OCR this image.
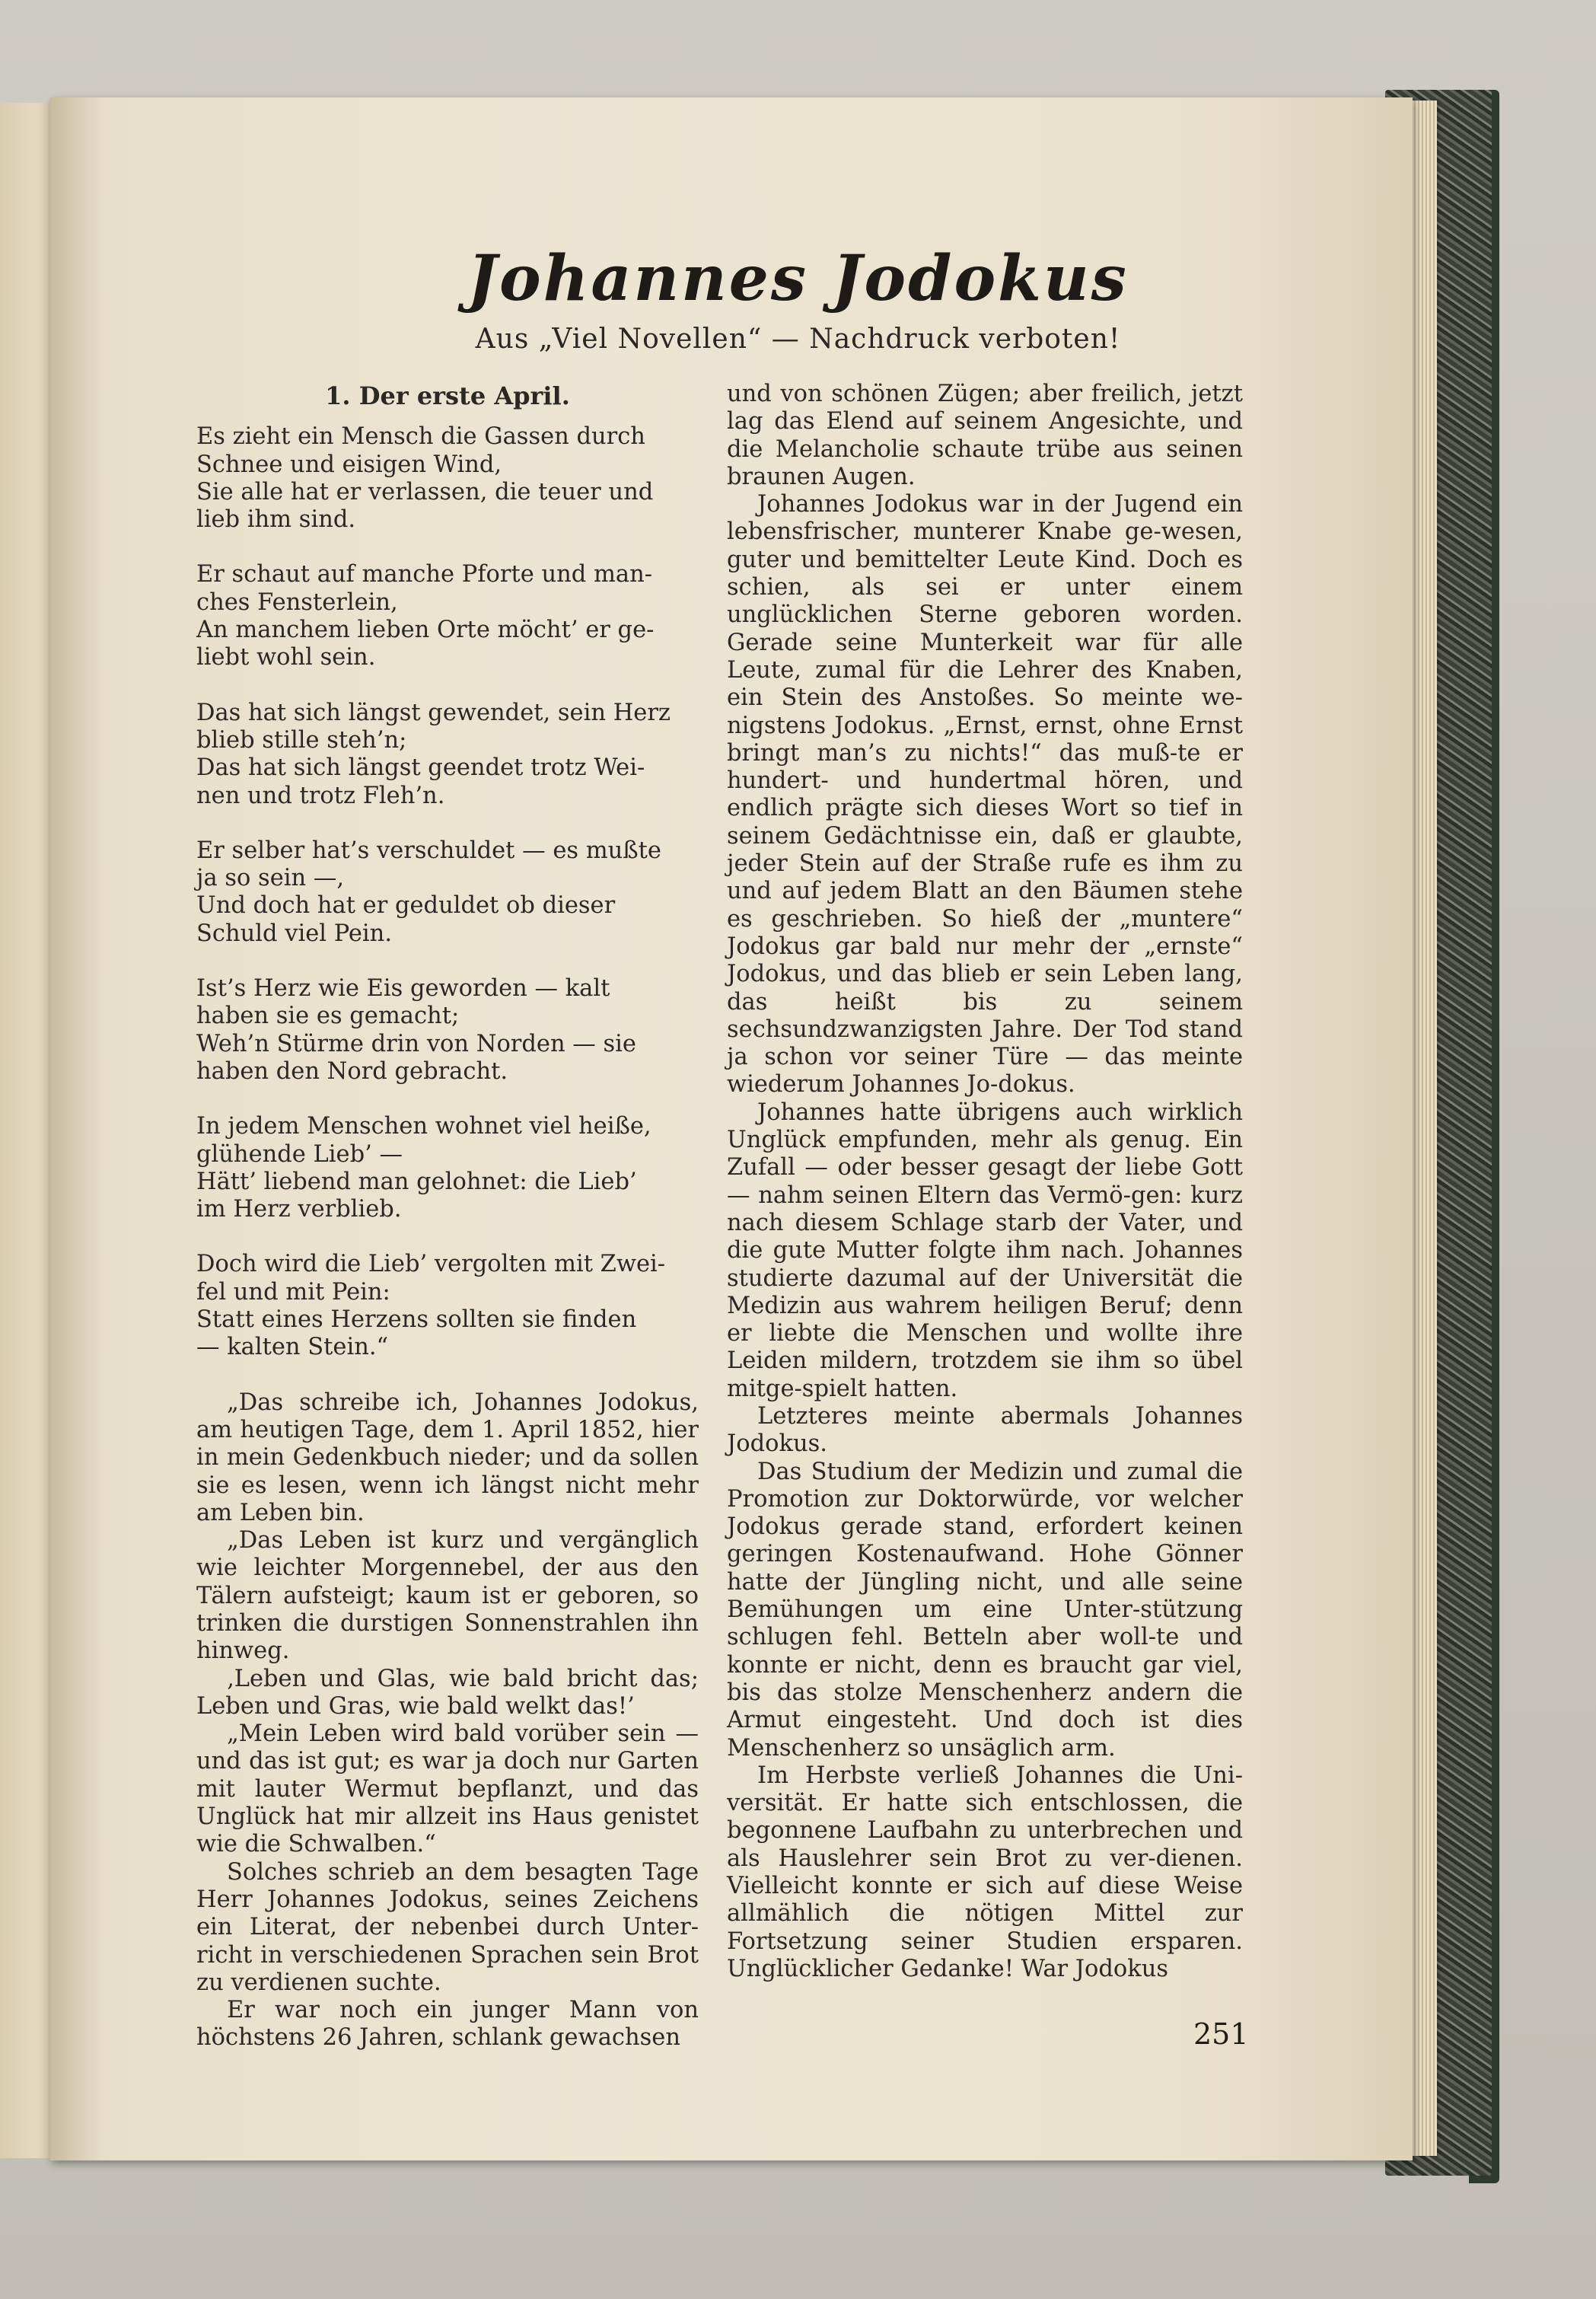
Johannes Jodokus
Aus „Viel Novellen“ — Nachdruck verboten!
1. Der erste April.
Es zieht ein Mensch die Gassen durch
Schnee und eisigen Wind,
Sie alle hat er verlassen, die teuer und
lieb ihm sind.
Er schaut auf manche Pforte und man-
ches Fensterlein,
An manchem lieben Orte möcht’ er ge-
liebt wohl sein.
Das hat sich längst gewendet, sein Herz
blieb stille steh’n;
Das hat sich längst geendet trotz Wei-
nen und trotz Fleh’n.
Er selber hat’s verschuldet — es mußte
ja so sein —,
Und doch hat er geduldet ob dieser
Schuld viel Pein.
Ist’s Herz wie Eis geworden — kalt
haben sie es gemacht;
Weh’n Stürme drin von Norden — sie
haben den Nord gebracht.
In jedem Menschen wohnet viel heiße,
glühende Lieb’ —
Hätt’ liebend man gelohnet: die Lieb’
im Herz verblieb.
Doch wird die Lieb’ vergolten mit Zwei-
fel und mit Pein:
Statt eines Herzens sollten sie finden
— kalten Stein.“

„Das schreibe ich, Johannes Jodokus, am heutigen Tage, dem 1. April 1852, hier in mein Gedenkbuch nieder; und da sollen sie es lesen, wenn ich längst nicht mehr am Leben bin.

„Das Leben ist kurz und vergänglich wie leichter Morgennebel, der aus den Tälern aufsteigt; kaum ist er geboren, so trinken die durstigen Sonnenstrahlen ihn hinweg.

‚Leben und Glas, wie bald bricht das; Leben und Gras, wie bald welkt das!’

„Mein Leben wird bald vorüber sein — und das ist gut; es war ja doch nur Garten mit lauter Wermut bepflanzt, und das Unglück hat mir allzeit ins Haus genistet wie die Schwalben.“

Solches schrieb an dem besagten Tage Herr Johannes Jodokus, seines Zeichens ein Literat, der nebenbei durch Unter-richt in verschiedenen Sprachen sein Brot zu verdienen suchte.

Er war noch ein junger Mann von höchstens 26 Jahren, schlank gewachsen

und von schönen Zügen; aber freilich, jetzt lag das Elend auf seinem Angesichte, und die Melancholie schaute trübe aus seinen braunen Augen.

Johannes Jodokus war in der Jugend ein lebensfrischer, munterer Knabe ge-wesen, guter und bemittelter Leute Kind. Doch es schien, als sei er unter einem unglücklichen Sterne geboren worden. Gerade seine Munterkeit war für alle Leute, zumal für die Lehrer des Knaben, ein Stein des Anstoßes. So meinte we-nigstens Jodokus. „Ernst, ernst, ohne Ernst bringt man’s zu nichts!“ das muß-te er hundert- und hundertmal hören, und endlich prägte sich dieses Wort so tief in seinem Gedächtnisse ein, daß er glaubte, jeder Stein auf der Straße rufe es ihm zu und auf jedem Blatt an den Bäumen stehe es geschrieben. So hieß der „muntere“ Jodokus gar bald nur mehr der „ernste“ Jodokus, und das blieb er sein Leben lang, das heißt bis zu seinem sechsundzwanzigsten Jahre. Der Tod stand ja schon vor seiner Türe — das meinte wiederum Johannes Jo-dokus.

Johannes hatte übrigens auch wirklich Unglück empfunden, mehr als genug. Ein Zufall — oder besser gesagt der liebe Gott — nahm seinen Eltern das Vermö-gen: kurz nach diesem Schlage starb der Vater, und die gute Mutter folgte ihm nach. Johannes studierte dazumal auf der Universität die Medizin aus wahrem heiligen Beruf; denn er liebte die Menschen und wollte ihre Leiden mildern, trotzdem sie ihm so übel mitge-spielt hatten.

Letzteres meinte abermals Johannes Jodokus.

Das Studium der Medizin und zumal die Promotion zur Doktorwürde, vor welcher Jodokus gerade stand, erfordert keinen geringen Kostenaufwand. Hohe Gönner hatte der Jüngling nicht, und alle seine Bemühungen um eine Unter-stützung schlugen fehl. Betteln aber woll-te und konnte er nicht, denn es braucht gar viel, bis das stolze Menschenherz andern die Armut eingesteht. Und doch ist dies Menschenherz so unsäglich arm.

Im Herbste verließ Johannes die Uni-versität. Er hatte sich entschlossen, die begonnene Laufbahn zu unterbrechen und als Hauslehrer sein Brot zu ver-dienen. Vielleicht konnte er sich auf diese Weise allmählich die nötigen Mittel zur Fortsetzung seiner Studien ersparen. Unglücklicher Gedanke! War Jodokus

251
